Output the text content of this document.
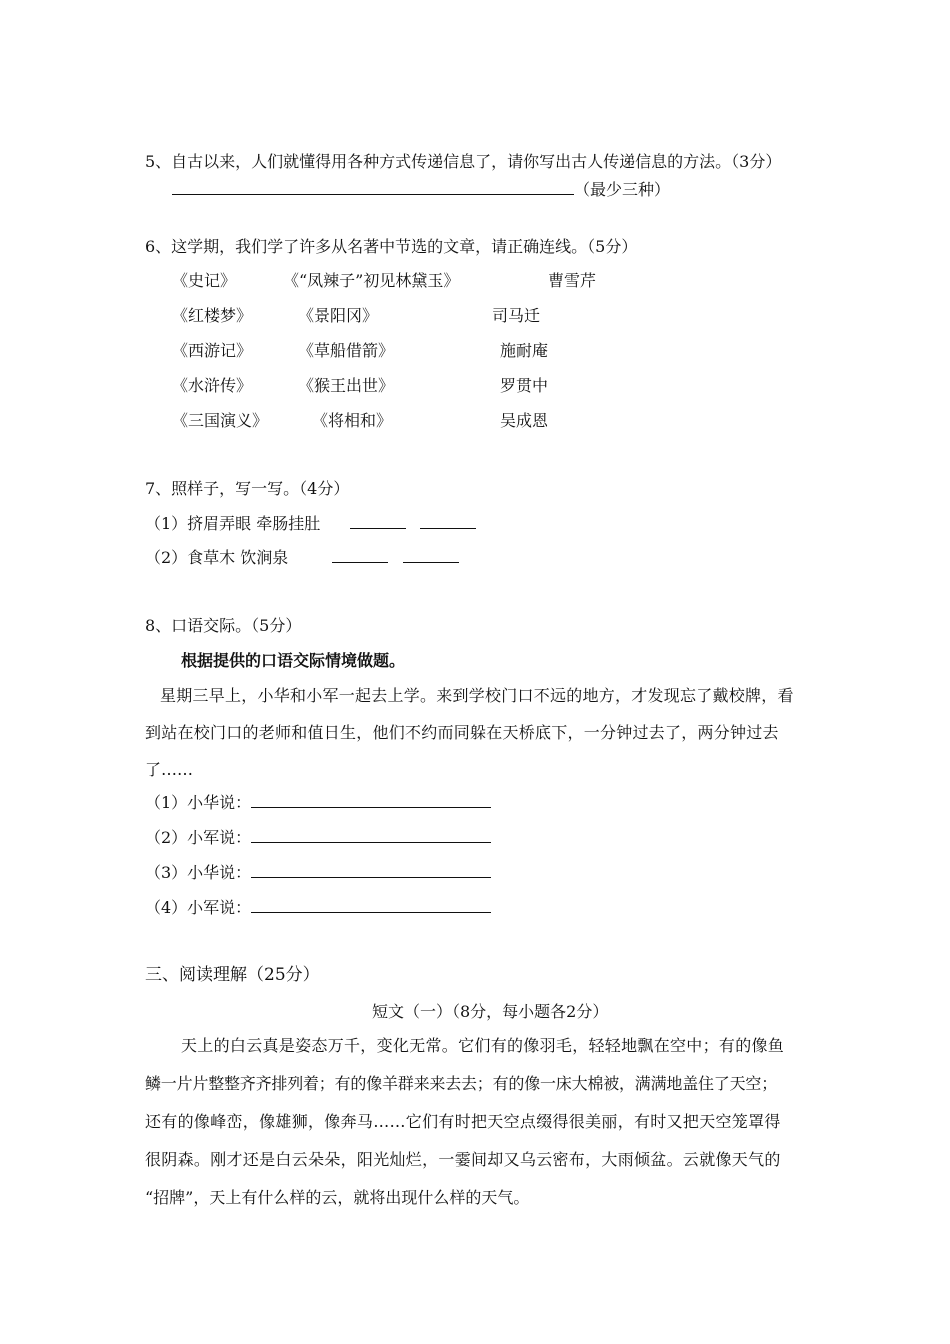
5、自古以来，人们就懂得用各种方式传递信息了，请你写出古人传递信息的方法。（3分）
（最少三种）
6、这学期，我们学了许多从名著中节选的文章，请正确连线。（5分）
《史记》
《红楼梦》
《西游记》
《水浒传》
《三国演义》
《“凤辣子”初见林黛玉》
《景阳冈》
《草船借箭》
《猴王出世》
《将相和》
曹雪芹
司马迁
施耐庵
罗贯中
吴成恩
7、照样子，写一写。（4分）
（1）挤眉弄眼 牵肠挂肚
（2）食草木 饮涧泉
8、口语交际。（5分）
根据提供的口语交际情境做题。
星期三早上，小华和小军一起去上学。来到学校门口不远的地方，才发现忘了戴校牌，看
到站在校门口的老师和值日生，他们不约而同躲在天桥底下，一分钟过去了，两分钟过去
了……
（1）小华说：
（2）小军说：
（3）小华说：
（4）小军说：
三、阅读理解（25分）
短文（一）（8分，每小题各2分）
天上的白云真是姿态万千，变化无常。它们有的像羽毛，轻轻地飘在空中；有的像鱼
鳞一片片整整齐齐排列着；有的像羊群来来去去；有的像一床大棉被，满满地盖住了天空；
还有的像峰峦，像雄狮，像奔马……它们有时把天空点缀得很美丽，有时又把天空笼罩得
很阴森。刚才还是白云朵朵，阳光灿烂，一霎间却又乌云密布，大雨倾盆。云就像天气的
“招牌”，天上有什么样的云，就将出现什么样的天气。
